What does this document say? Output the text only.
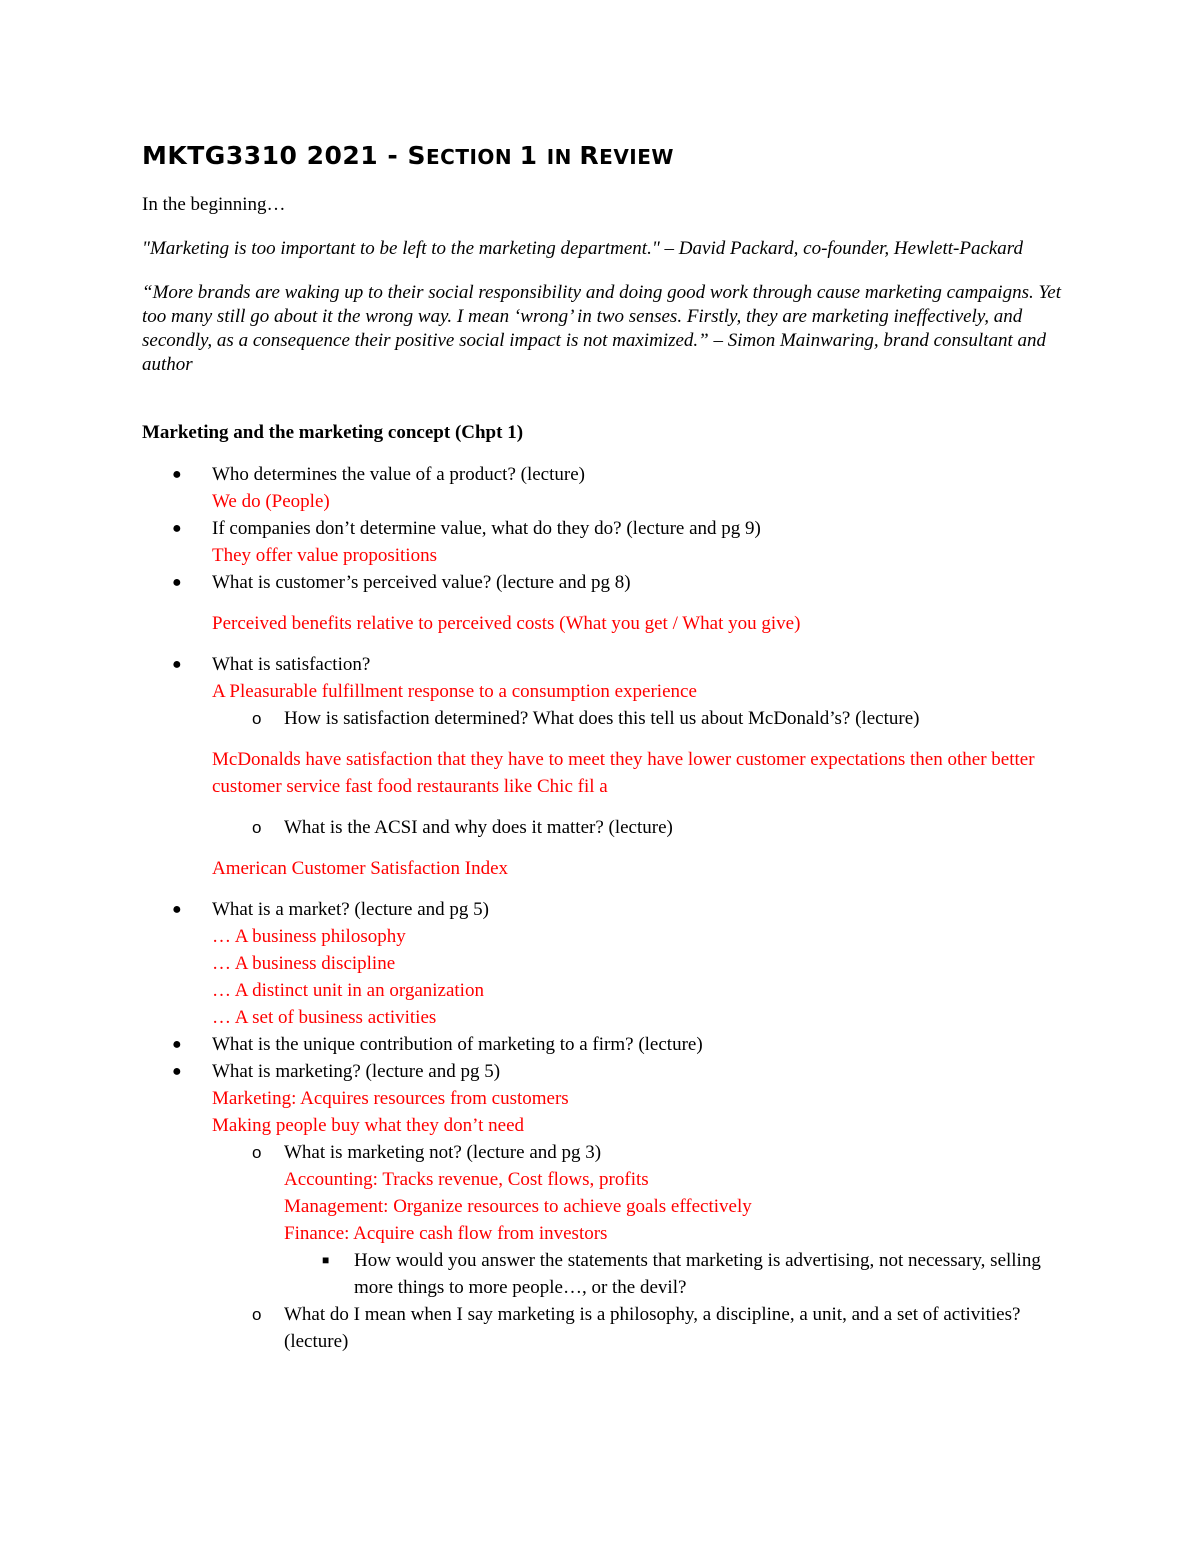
MKTG3310 2021 - SECTION 1 IN REVIEW
In the beginning…
"Marketing is too important to be left to the marketing department." – David Packard, co-founder, Hewlett-Packard
“More brands are waking up to their social responsibility and doing good work through cause marketing campaigns. Yet too many still go about it the wrong way. I mean ‘wrong’ in two senses. Firstly, they are marketing ineffectively, and secondly, as a consequence their positive social impact is not maximized.” – Simon Mainwaring, brand consultant and author
Marketing and the marketing concept (Chpt 1)
● Who determines the value of a product? (lecture)
We do (People)
● If companies don’t determine value, what do they do? (lecture and pg 9)
They offer value propositions
● What is customer’s perceived value? (lecture and pg 8)
Perceived benefits relative to perceived costs (What you get / What you give)
● What is satisfaction?
A Pleasurable fulfillment response to a consumption experience
o How is satisfaction determined? What does this tell us about McDonald’s? (lecture)
McDonalds have satisfaction that they have to meet they have lower customer expectations then other better customer service fast food restaurants like Chic fil a
o What is the ACSI and why does it matter? (lecture)
American Customer Satisfaction Index
● What is a market? (lecture and pg 5)
… A business philosophy
… A business discipline
… A distinct unit in an organization
… A set of business activities
● What is the unique contribution of marketing to a firm? (lecture)
● What is marketing? (lecture and pg 5)
Marketing: Acquires resources from customers
Making people buy what they don’t need
o What is marketing not? (lecture and pg 3)
Accounting: Tracks revenue, Cost flows, profits
Management: Organize resources to achieve goals effectively
Finance: Acquire cash flow from investors
■ How would you answer the statements that marketing is advertising, not necessary, selling more things to more people…, or the devil?
o What do I mean when I say marketing is a philosophy, a discipline, a unit, and a set of activities? (lecture)
